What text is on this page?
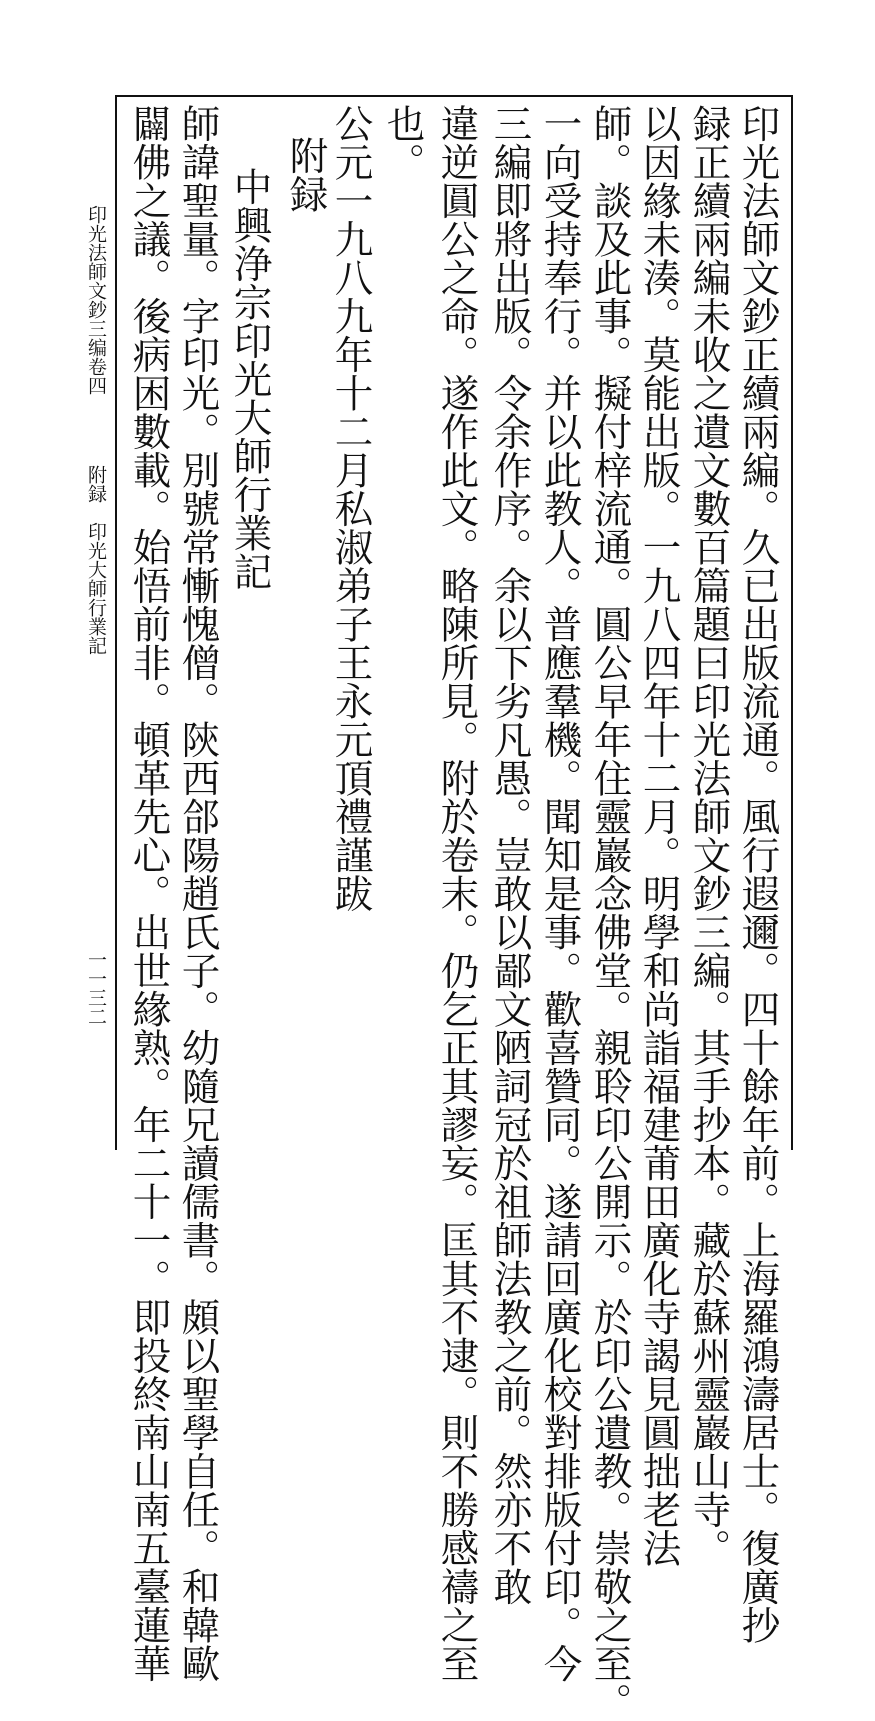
印光法師文鈔正續兩編。久已出版流通。風行遐邇。四十餘年前。上海羅鴻濤居士。復廣抄
録正續兩編未收之遺文數百篇題曰印光法師文鈔三編。其手抄本。藏於蘇州靈巖山寺。
以因緣未湊。莫能出版。一九八四年十二月。明學和尚詣福建莆田廣化寺謁見圓拙老法
師。談及此事。擬付梓流通。圓公早年住靈巖念佛堂。親聆印公開示。於印公遺教。崇敬之至。
一向受持奉行。并以此教人。普應羣機。聞知是事。歡喜贊同。遂請回廣化校對排版付印。今
三編即將出版。令余作序。余以下劣凡愚。豈敢以鄙文陋詞冠於祖師法教之前。然亦不敢
違逆圓公之命。遂作此文。略陳所見。附於卷末。仍乞正其謬妄。匡其不逮。則不勝感禱之至
也。
公元一九八九年十二月私淑弟子王永元頂禮謹跋
附録
中興浄宗印光大師行業記
師諱聖量。字印光。別號常慚愧僧。陝西郃陽趙氏子。幼隨兄讀儒書。頗以聖學自任。和韓歐
闢佛之議。後病困數載。始悟前非。頓革先心。出世緣熟。年二十一。即投終南山南五臺蓮華
印光法師文鈔三编卷四
附録　印光大師行業記
一一三二
